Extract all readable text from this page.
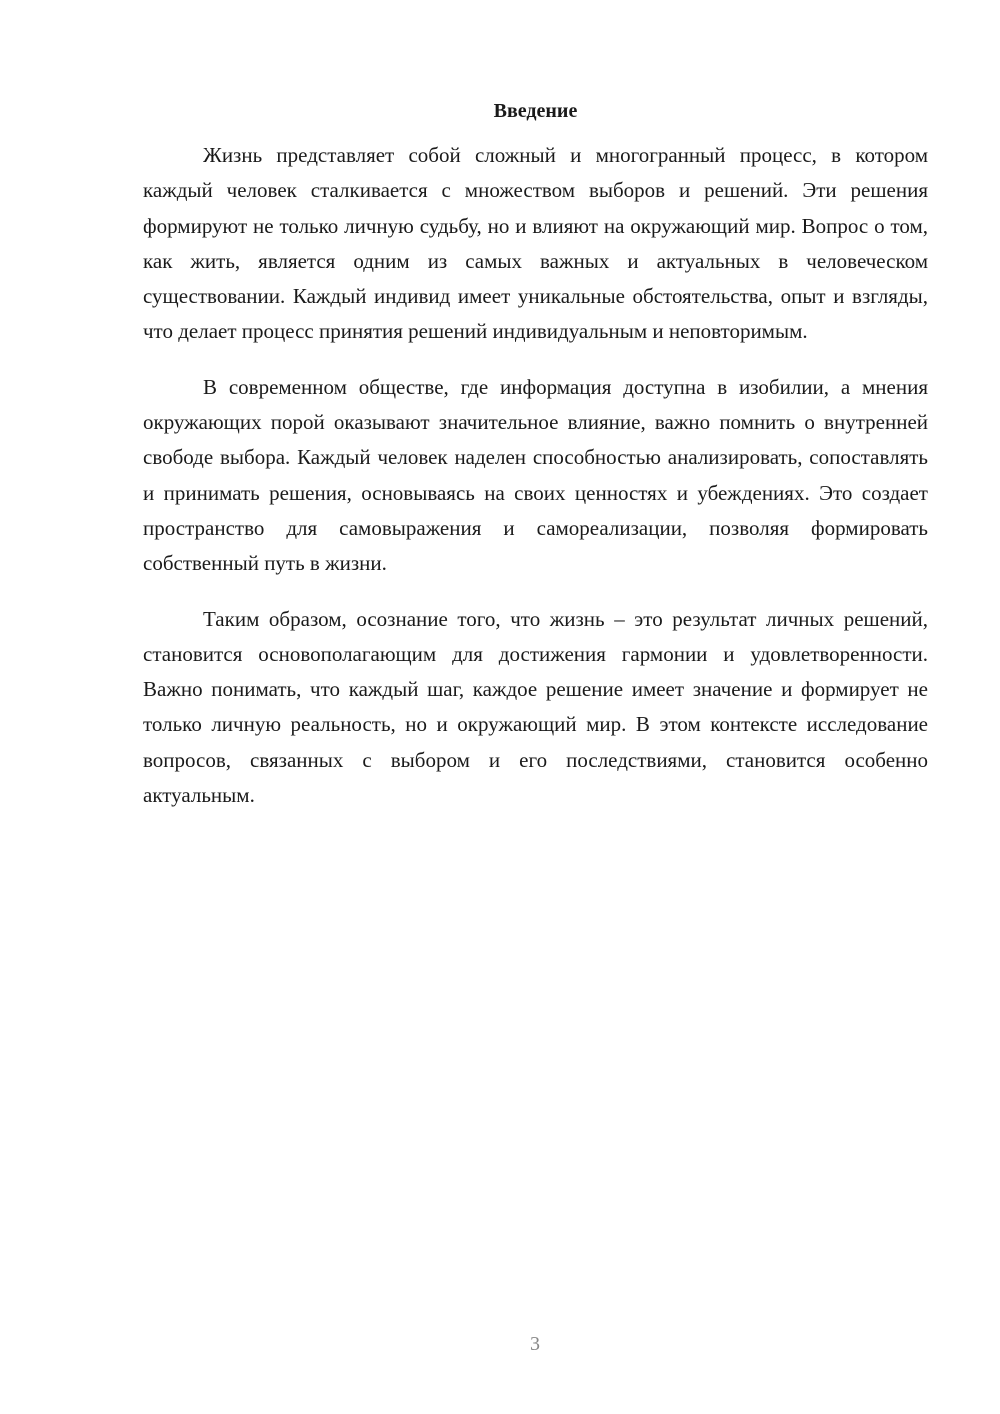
Введение

Жизнь представляет собой сложный и многогранный процесс, в котором каждый человек сталкивается с множеством выборов и решений. Эти решения формируют не только личную судьбу, но и влияют на окружающий мир. Вопрос о том, как жить, является одним из самых важных и актуальных в человеческом существовании. Каждый индивид имеет уникальные обстоятельства, опыт и взгляды, что делает процесс принятия решений индивидуальным и неповторимым.

В современном обществе, где информация доступна в изобилии, а мнения окружающих порой оказывают значительное влияние, важно помнить о внутренней свободе выбора. Каждый человек наделен способностью анализировать, сопоставлять и принимать решения, основываясь на своих ценностях и убеждениях. Это создает пространство для самовыражения и самореализации, позволяя формировать собственный путь в жизни.

Таким образом, осознание того, что жизнь – это результат личных решений, становится основополагающим для достижения гармонии и удовлетворенности. Важно понимать, что каждый шаг, каждое решение имеет значение и формирует не только личную реальность, но и окружающий мир. В этом контексте исследование вопросов, связанных с выбором и его последствиями, становится особенно актуальным.

3
